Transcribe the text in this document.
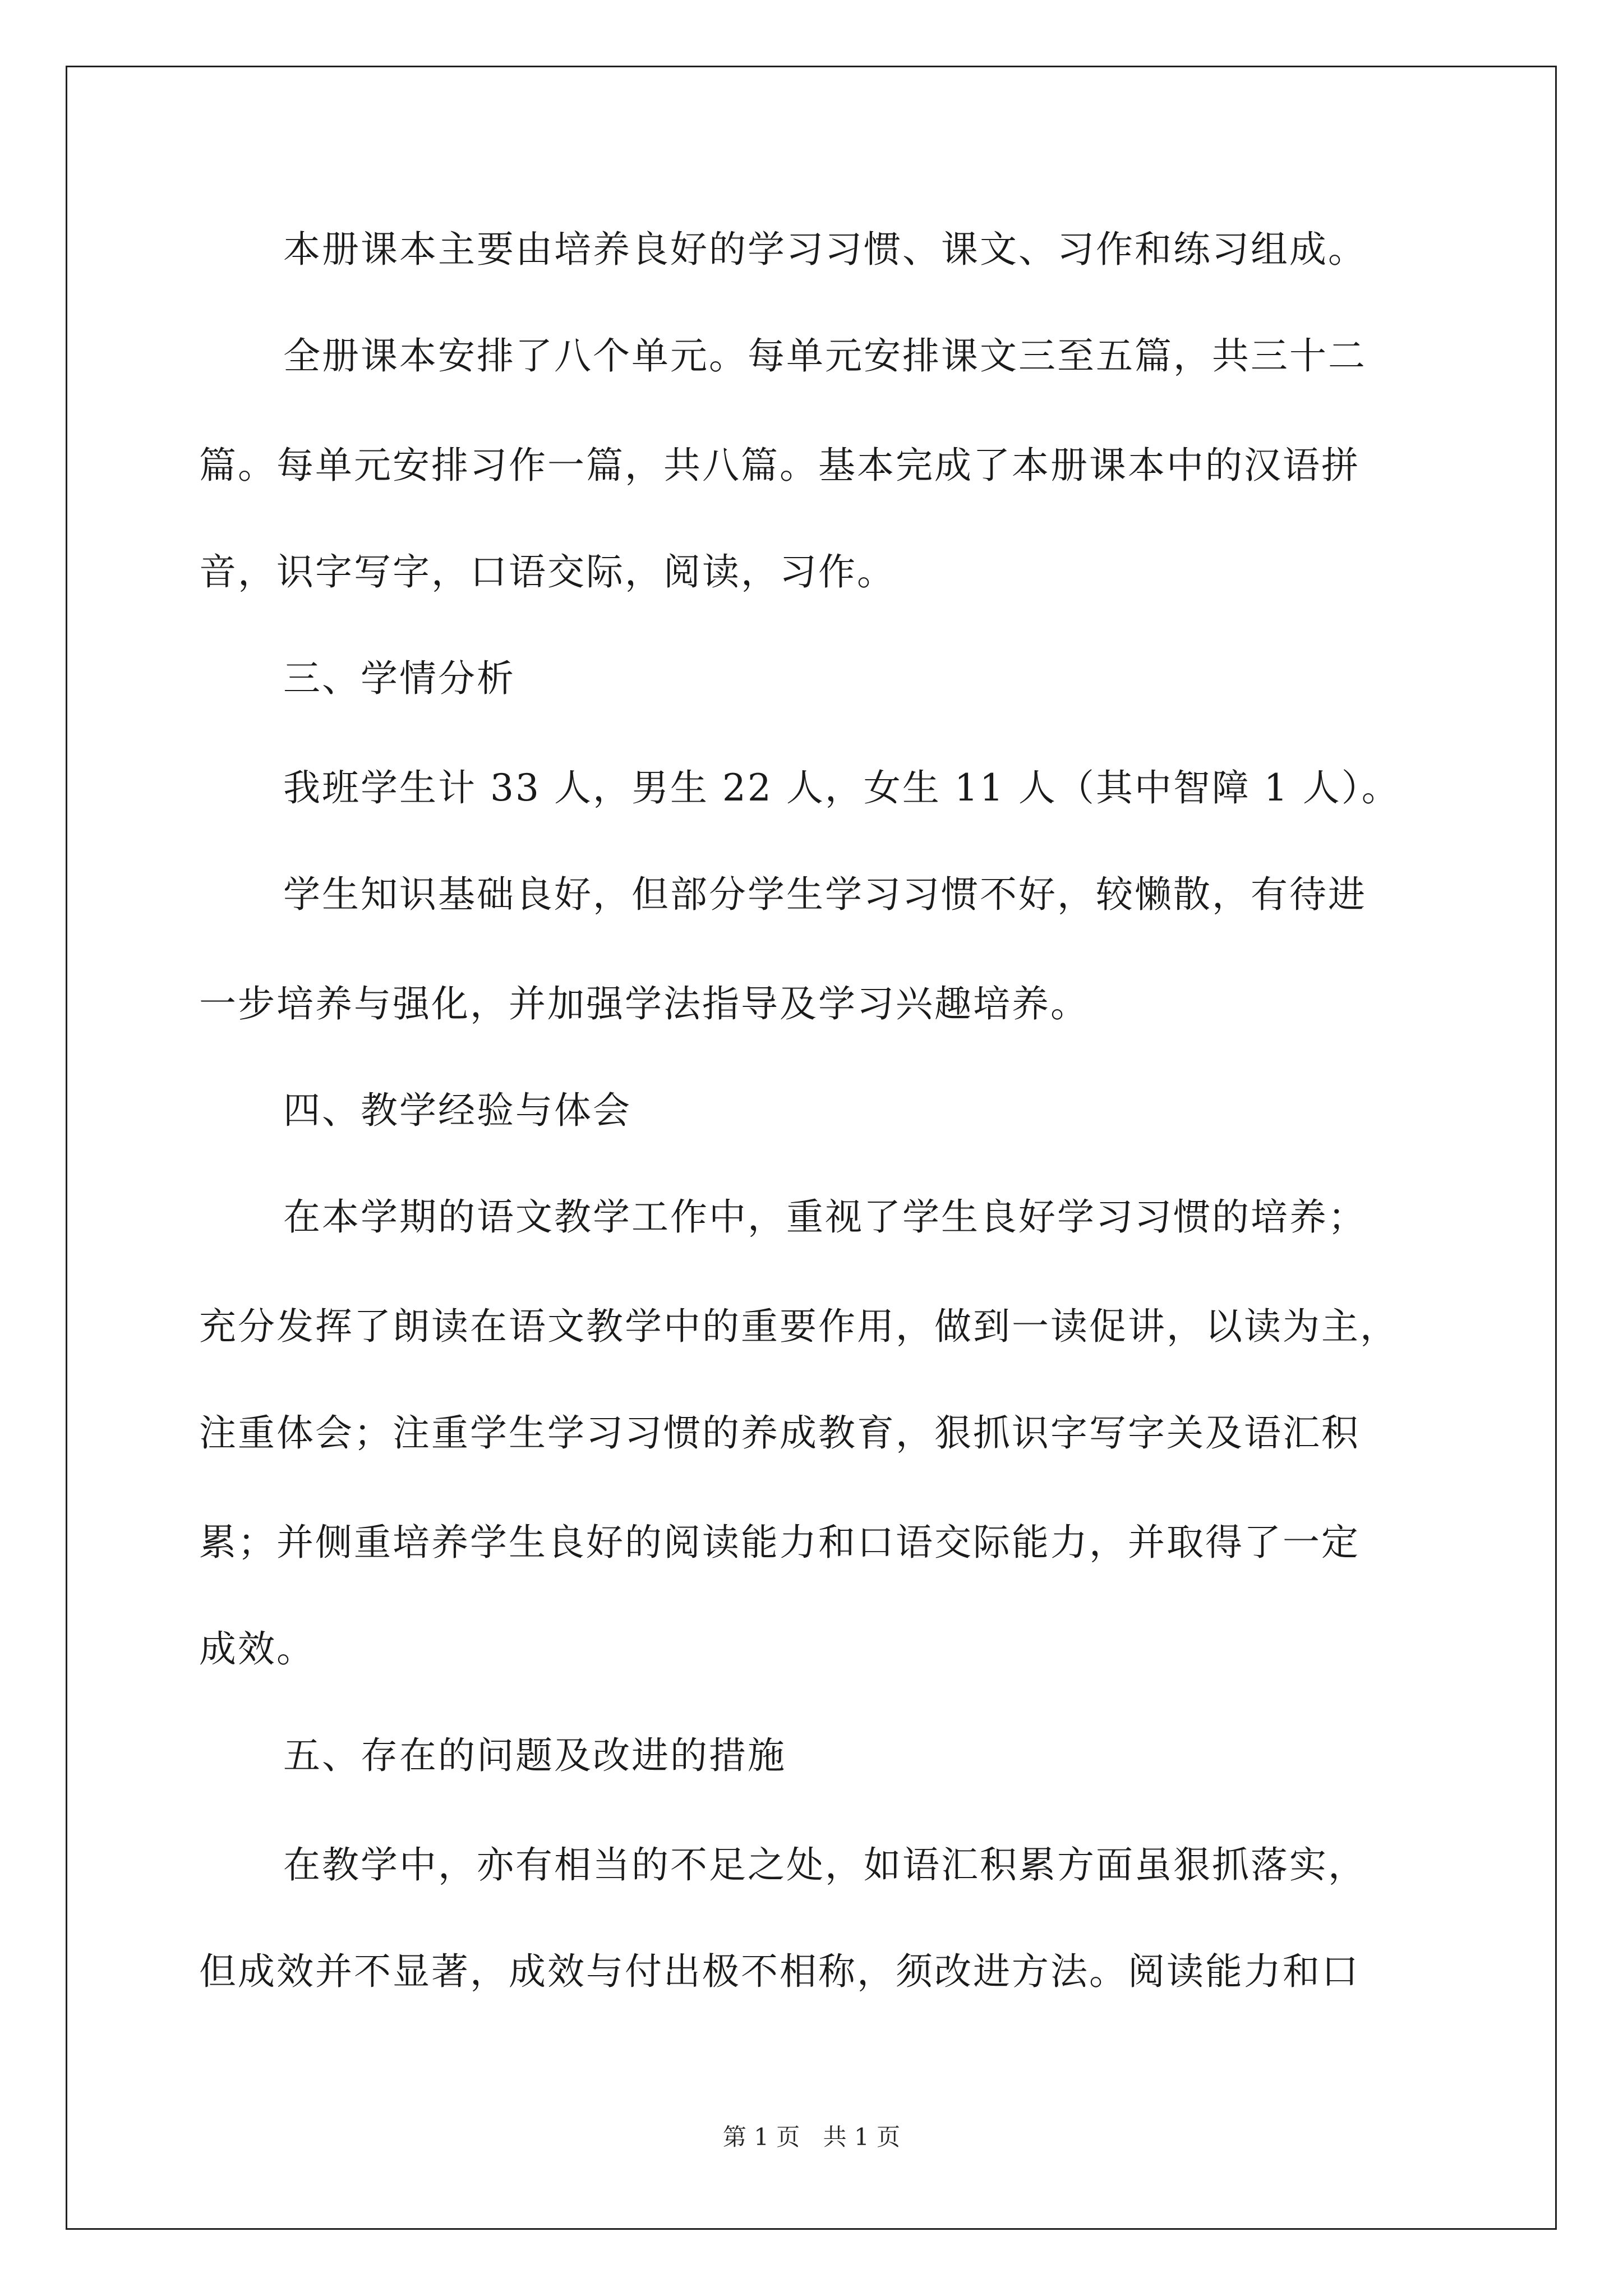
本册课本主要由培养良好的学习习惯、课文、习作和练习组成。
全册课本安排了八个单元。每单元安排课文三至五篇，共三十二
篇。每单元安排习作一篇，共八篇。基本完成了本册课本中的汉语拼
音，识字写字，口语交际，阅读，习作。
三、学情分析
我班学生计 33 人，男生 22 人，女生 11 人（其中智障 1 人）。
学生知识基础良好，但部分学生学习习惯不好，较懒散，有待进
一步培养与强化，并加强学法指导及学习兴趣培养。
四、教学经验与体会
在本学期的语文教学工作中，重视了学生良好学习习惯的培养；
充分发挥了朗读在语文教学中的重要作用，做到一读促讲，以读为主，
注重体会；注重学生学习习惯的养成教育，狠抓识字写字关及语汇积
累；并侧重培养学生良好的阅读能力和口语交际能力，并取得了一定
成效。
五、存在的问题及改进的措施
在教学中，亦有相当的不足之处，如语汇积累方面虽狠抓落实，
但成效并不显著，成效与付出极不相称，须改进方法。阅读能力和口
第 1 页 共 1 页
